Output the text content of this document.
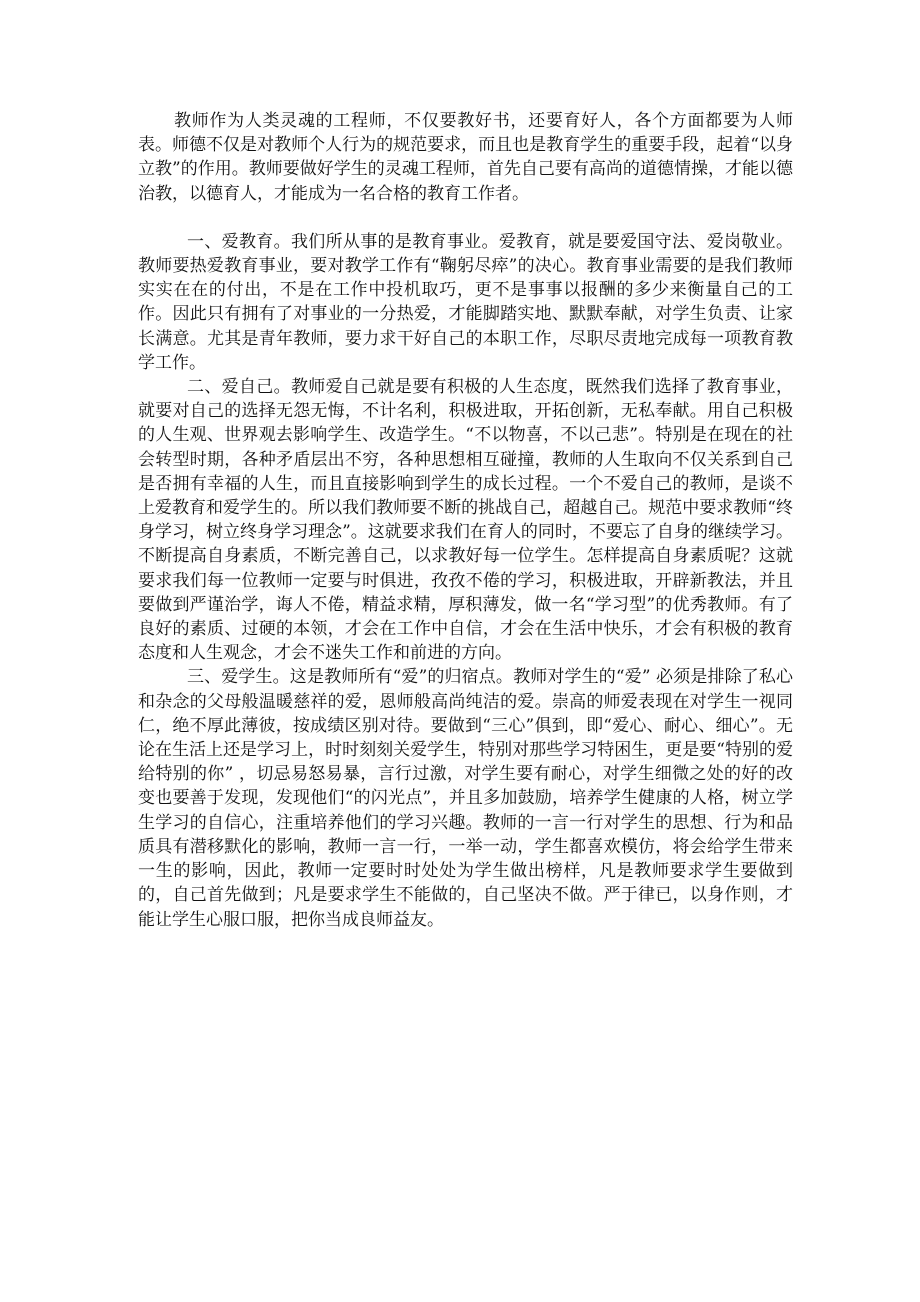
教师作为人类灵魂的工程师，不仅要教好书，还要育好人，各个方面都要为人师表。师德不仅是对教师个人行为的规范要求，而且也是教育学生的重要手段，起着“以身立教”的作用。教师要做好学生的灵魂工程师，首先自己要有高尚的道德情操，才能以德治教，以德育人，才能成为一名合格的教育工作者。

一、爱教育。我们所从事的是教育事业。爱教育，就是要爱国守法、爱岗敬业。教师要热爱教育事业，要对教学工作有“鞠躬尽瘁”的决心。教育事业需要的是我们教师实实在在的付出，不是在工作中投机取巧，更不是事事以报酬的多少来衡量自己的工作。因此只有拥有了对事业的一分热爱，才能脚踏实地、默默奉献，对学生负责、让家长满意。尤其是青年教师，要力求干好自己的本职工作，尽职尽责地完成每一项教育教学工作。

二、爱自己。教师爱自己就是要有积极的人生态度，既然我们选择了教育事业，就要对自己的选择无怨无悔，不计名利，积极进取，开拓创新，无私奉献。用自己积极的人生观、世界观去影响学生、改造学生。“不以物喜，不以己悲”。特别是在现在的社会转型时期，各种矛盾层出不穷，各种思想相互碰撞，教师的人生取向不仅关系到自己是否拥有幸福的人生，而且直接影响到学生的成长过程。一个不爱自己的教师，是谈不上爱教育和爱学生的。所以我们教师要不断的挑战自己，超越自己。规范中要求教师“终身学习，树立终身学习理念”。这就要求我们在育人的同时，不要忘了自身的继续学习。不断提高自身素质，不断完善自己，以求教好每一位学生。怎样提高自身素质呢？这就要求我们每一位教师一定要与时俱进，孜孜不倦的学习，积极进取，开辟新教法，并且要做到严谨治学，诲人不倦，精益求精，厚积薄发，做一名“学习型”的优秀教师。有了良好的素质、过硬的本领，才会在工作中自信，才会在生活中快乐，才会有积极的教育态度和人生观念，才会不迷失工作和前进的方向。

三、爱学生。这是教师所有“爱”的归宿点。教师对学生的“爱” 必须是排除了私心和杂念的父母般温暖慈祥的爱，恩师般高尚纯洁的爱。崇高的师爱表现在对学生一视同仁，绝不厚此薄彼，按成绩区别对待。要做到“三心”俱到，即“爱心、耐心、细心”。无论在生活上还是学习上，时时刻刻关爱学生，特别对那些学习特困生，更是要“特别的爱给特别的你” ，切忌易怒易暴，言行过激，对学生要有耐心，对学生细微之处的好的改变也要善于发现，发现他们“的闪光点”，并且多加鼓励，培养学生健康的人格，树立学生学习的自信心，注重培养他们的学习兴趣。教师的一言一行对学生的思想、行为和品质具有潜移默化的影响，教师一言一行，一举一动，学生都喜欢模仿，将会给学生带来一生的影响，因此，教师一定要时时处处为学生做出榜样，凡是教师要求学生要做到的，自己首先做到；凡是要求学生不能做的，自己坚决不做。严于律已，以身作则，才能让学生心服口服，把你当成良师益友。
